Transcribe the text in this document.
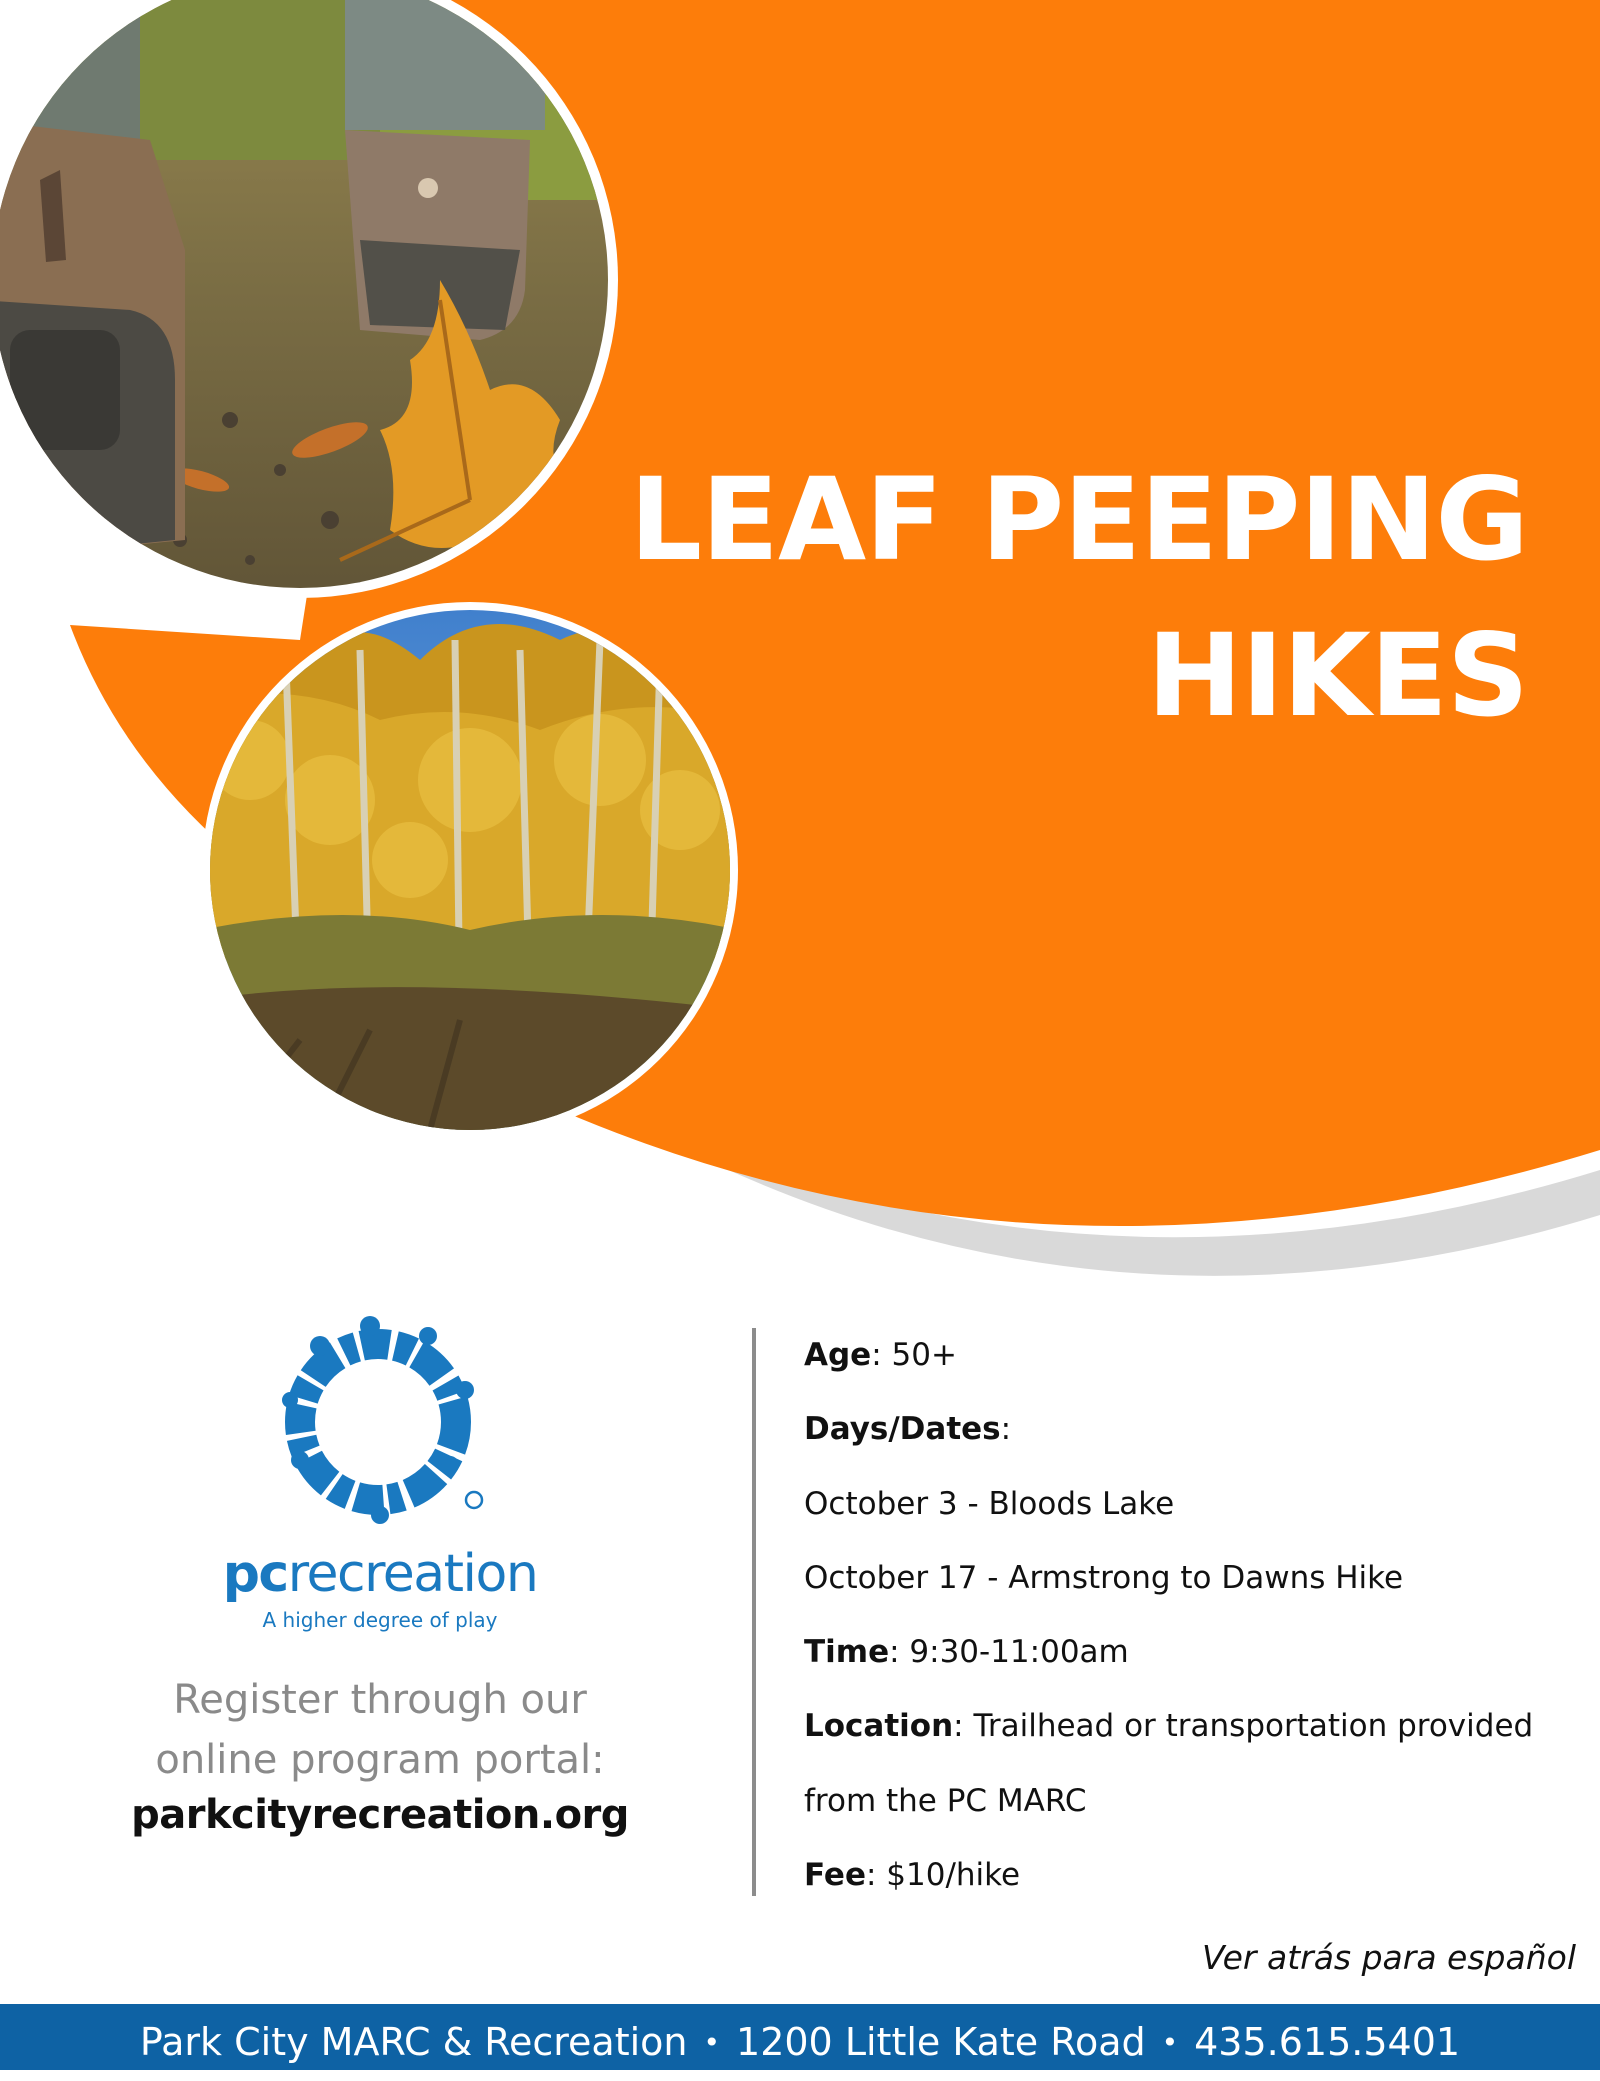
LEAF PEEPING
HIKES
pcrecreation
A higher degree of play
Register through our
online program portal:
parkcityrecreation.org
Age: 50+
Days/Dates:
October 3 - Bloods Lake
October 17 - Armstrong to Dawns Hike
Time: 9:30-11:00am
Location: Trailhead or transportation provided
from the PC MARC
Fee: $10/hike

Ver atrás para español

Park City MARC & Recreation • 1200 Little Kate Road • 435.615.5401
